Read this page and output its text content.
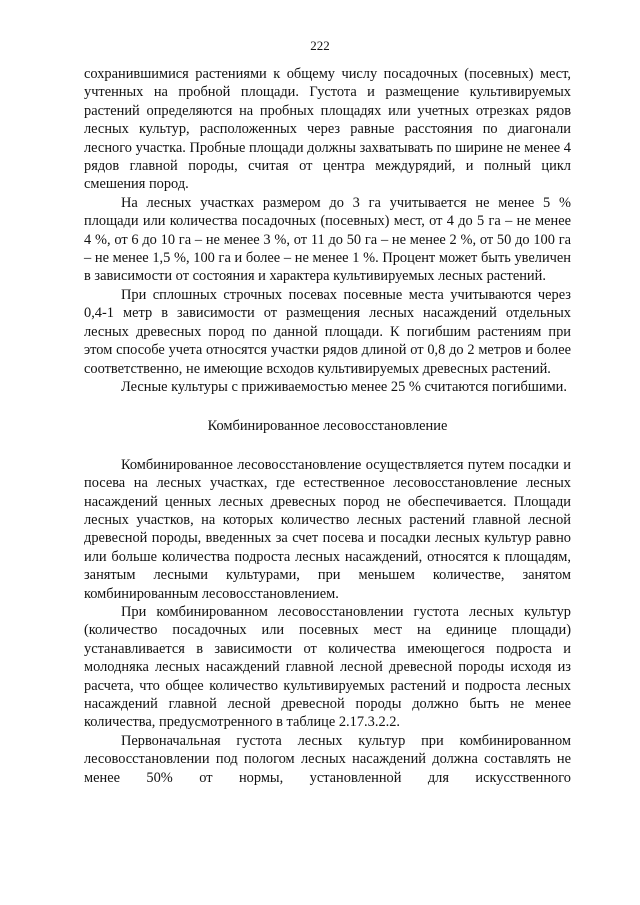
222

сохранившимися растениями к общему числу посадочных (посевных) мест, учтенных на пробной площади. Густота и размещение культивируемых растений определяются на пробных площадях или учетных отрезках рядов лесных культур, расположенных через равные расстояния по диагонали лесного участка. Пробные площади должны захватывать по ширине не менее 4 рядов главной породы, считая от центра междурядий, и полный цикл смешения пород.

На лесных участках размером до 3 га учитывается не менее 5 % площади или количества посадочных (посевных) мест, от 4 до 5 га – не менее 4 %, от 6 до 10 га – не менее 3 %, от 11 до 50 га – не менее 2 %, от 50 до 100 га – не менее 1,5 %, 100 га и более – не менее 1 %. Процент может быть увеличен в зависимости от состояния и характера культивируемых лесных растений.

При сплошных строчных посевах посевные места учитываются через 0,4-1 метр в зависимости от размещения лесных насаждений отдельных лесных древесных пород по данной площади. К погибшим растениям при этом способе учета относятся участки рядов длиной от 0,8 до 2 метров и более соответственно, не имеющие всходов культивируемых древесных растений.

Лесные культуры с приживаемостью менее 25 % считаются погибшими.

Комбинированное лесовосстановление

Комбинированное лесовосстановление осуществляется путем посадки и посева на лесных участках, где естественное лесовосстановление лесных насаждений ценных лесных древесных пород не обеспечивается. Площади лесных участков, на которых количество лесных растений главной лесной древесной породы, введенных за счет посева и посадки лесных культур равно или больше количества подроста лесных насаждений, относятся к площадям, занятым лесными культурами, при меньшем количестве, занятом комбинированным лесовосстановлением.

При комбинированном лесовосстановлении густота лесных культур (количество посадочных или посевных мест на единице площади) устанавливается в зависимости от количества имеющегося подроста и молодняка лесных насаждений главной лесной древесной породы исходя из расчета, что общее количество культивируемых растений и подроста лесных насаждений главной лесной древесной породы должно быть не менее количества, предусмотренного в таблице 2.17.3.2.2.

Первоначальная густота лесных культур при комбинированном лесовосстановлении под пологом лесных насаждений должна составлять не менее 50% от нормы, установленной для искусственного
